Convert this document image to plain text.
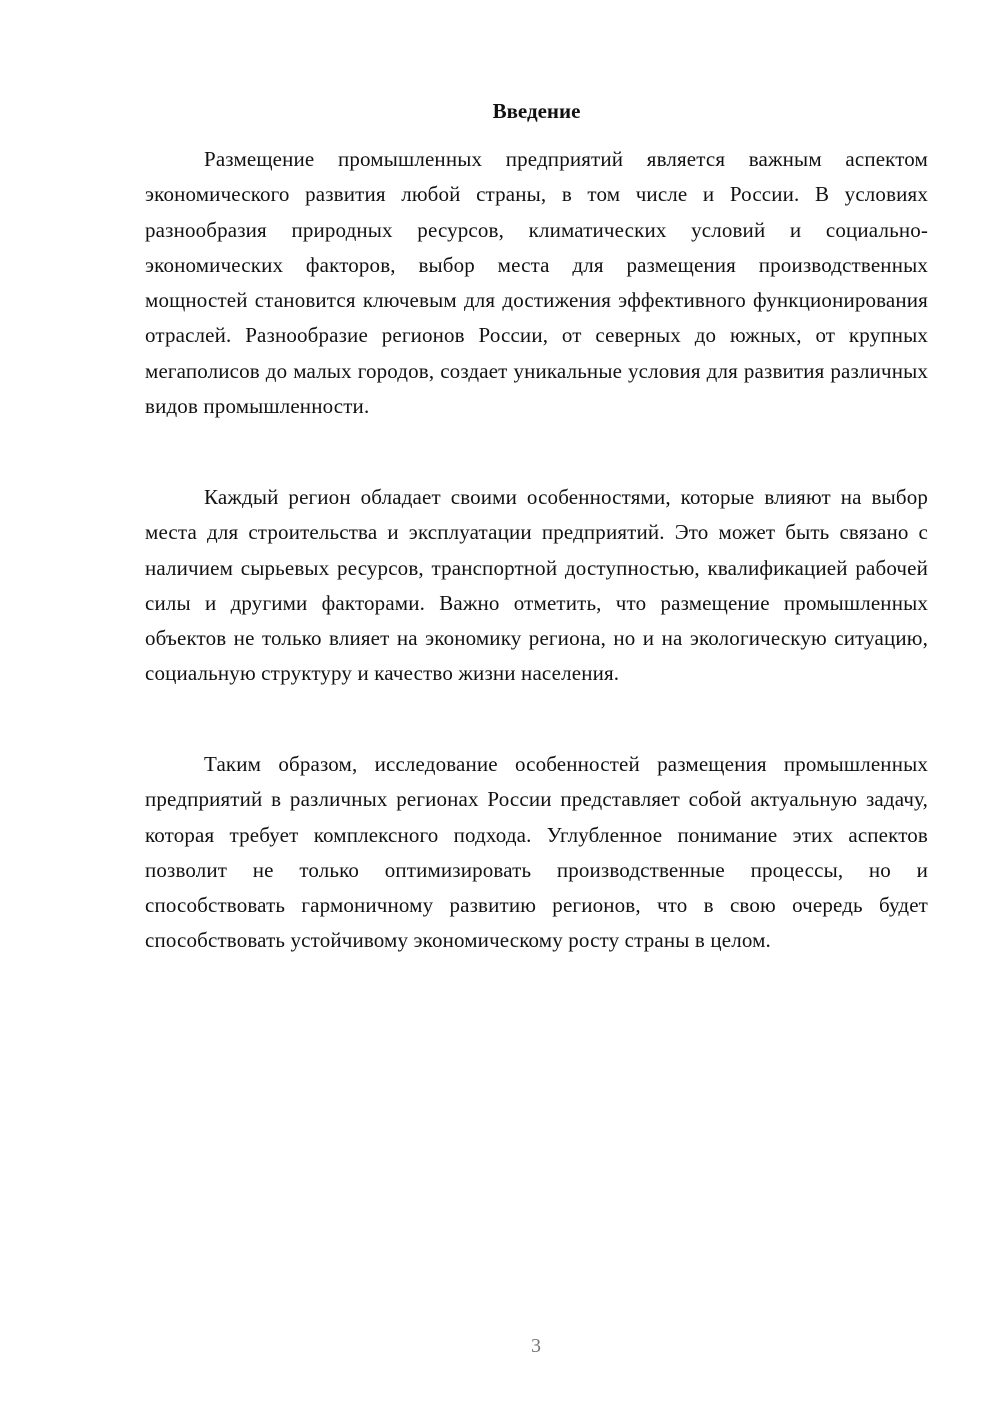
Введение

Размещение промышленных предприятий является важным аспектом экономического развития любой страны, в том числе и России. В условиях разнообразия природных ресурсов, климатических условий и социально-экономических факторов, выбор места для размещения производственных мощностей становится ключевым для достижения эффективного функционирования отраслей. Разнообразие регионов России, от северных до южных, от крупных мегаполисов до малых городов, создает уникальные условия для развития различных видов промышленности.

Каждый регион обладает своими особенностями, которые влияют на выбор места для строительства и эксплуатации предприятий. Это может быть связано с наличием сырьевых ресурсов, транспортной доступностью, квалификацией рабочей силы и другими факторами. Важно отметить, что размещение промышленных объектов не только влияет на экономику региона, но и на экологическую ситуацию, социальную структуру и качество жизни населения.

Таким образом, исследование особенностей размещения промышленных предприятий в различных регионах России представляет собой актуальную задачу, которая требует комплексного подхода. Углубленное понимание этих аспектов позволит не только оптимизировать производственные процессы, но и способствовать гармоничному развитию регионов, что в свою очередь будет способствовать устойчивому экономическому росту страны в целом.

3
